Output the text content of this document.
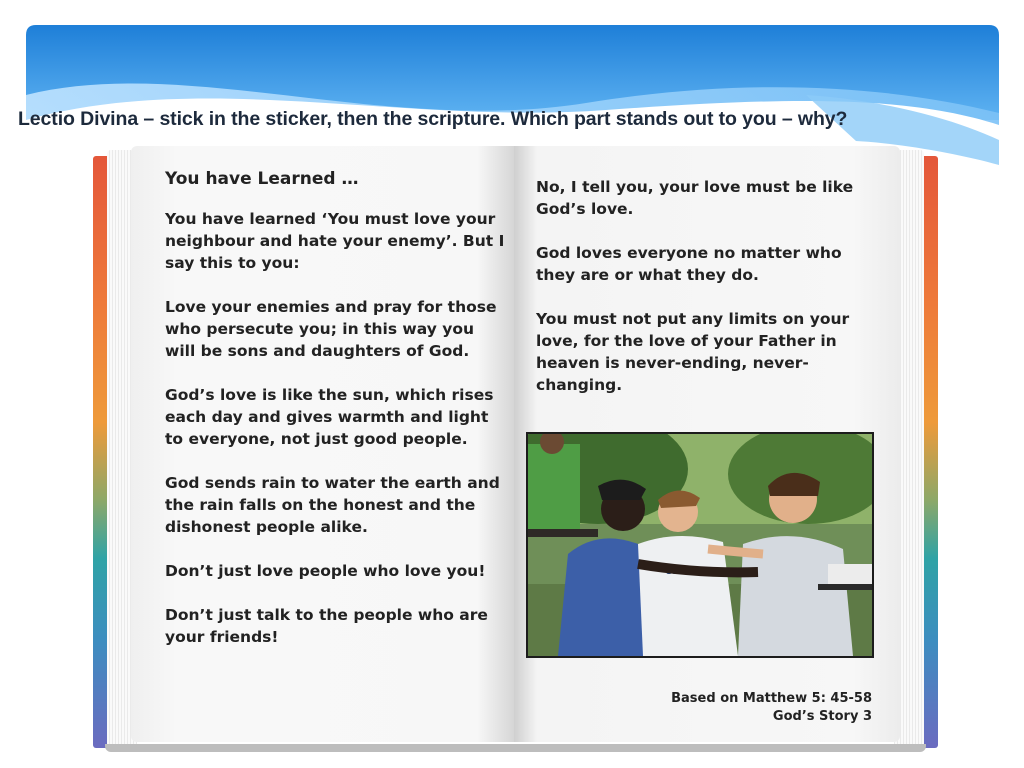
Lectio Divina – stick in the sticker, then the scripture. Which part stands out to you – why?

You have Learned …

You have learned ‘You must love your neighbour and hate your enemy’. But I say this to you:

Love your enemies and pray for those who persecute you; in this way you will be sons and daughters of God.

God’s love is like the sun, which rises each day and gives warmth and light to everyone, not just good people.

God sends rain to water the earth and the rain falls on the honest and the dishonest people alike.

Don’t just love people who love you!

Don’t just talk to the people who are your friends!

No, I tell you, your love must be like God’s love.

God loves everyone no matter who they are or what they do.

You must not put any limits on your love, for the love of your Father in heaven is never-ending, never-changing.

SPORTS
Based on Matthew 5: 45-58
God’s Story 3
